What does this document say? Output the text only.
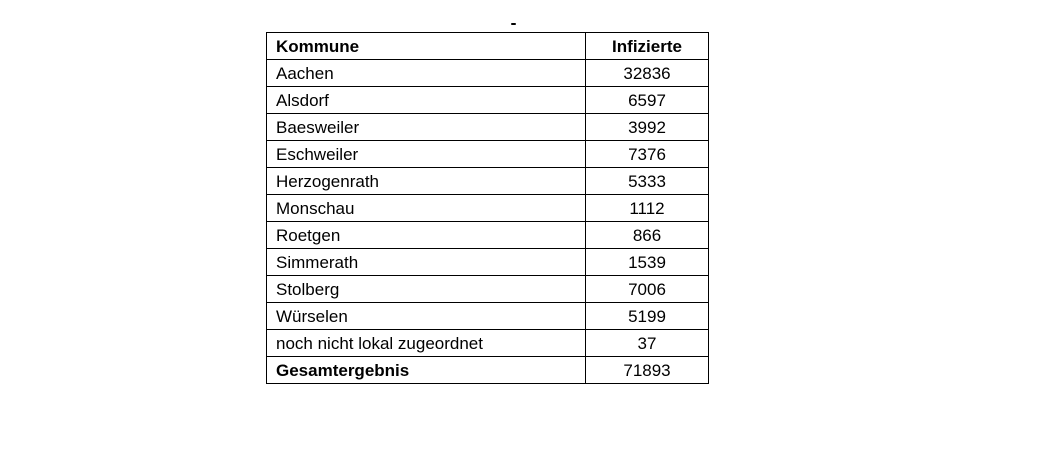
Kommune	Infizierte
Aachen	32836
Alsdorf	6597
Baesweiler	3992
Eschweiler	7376
Herzogenrath	5333
Monschau	1112
Roetgen	866
Simmerath	1539
Stolberg	7006
Würselen	5199
noch nicht lokal zugeordnet	37
Gesamtergebnis	71893
